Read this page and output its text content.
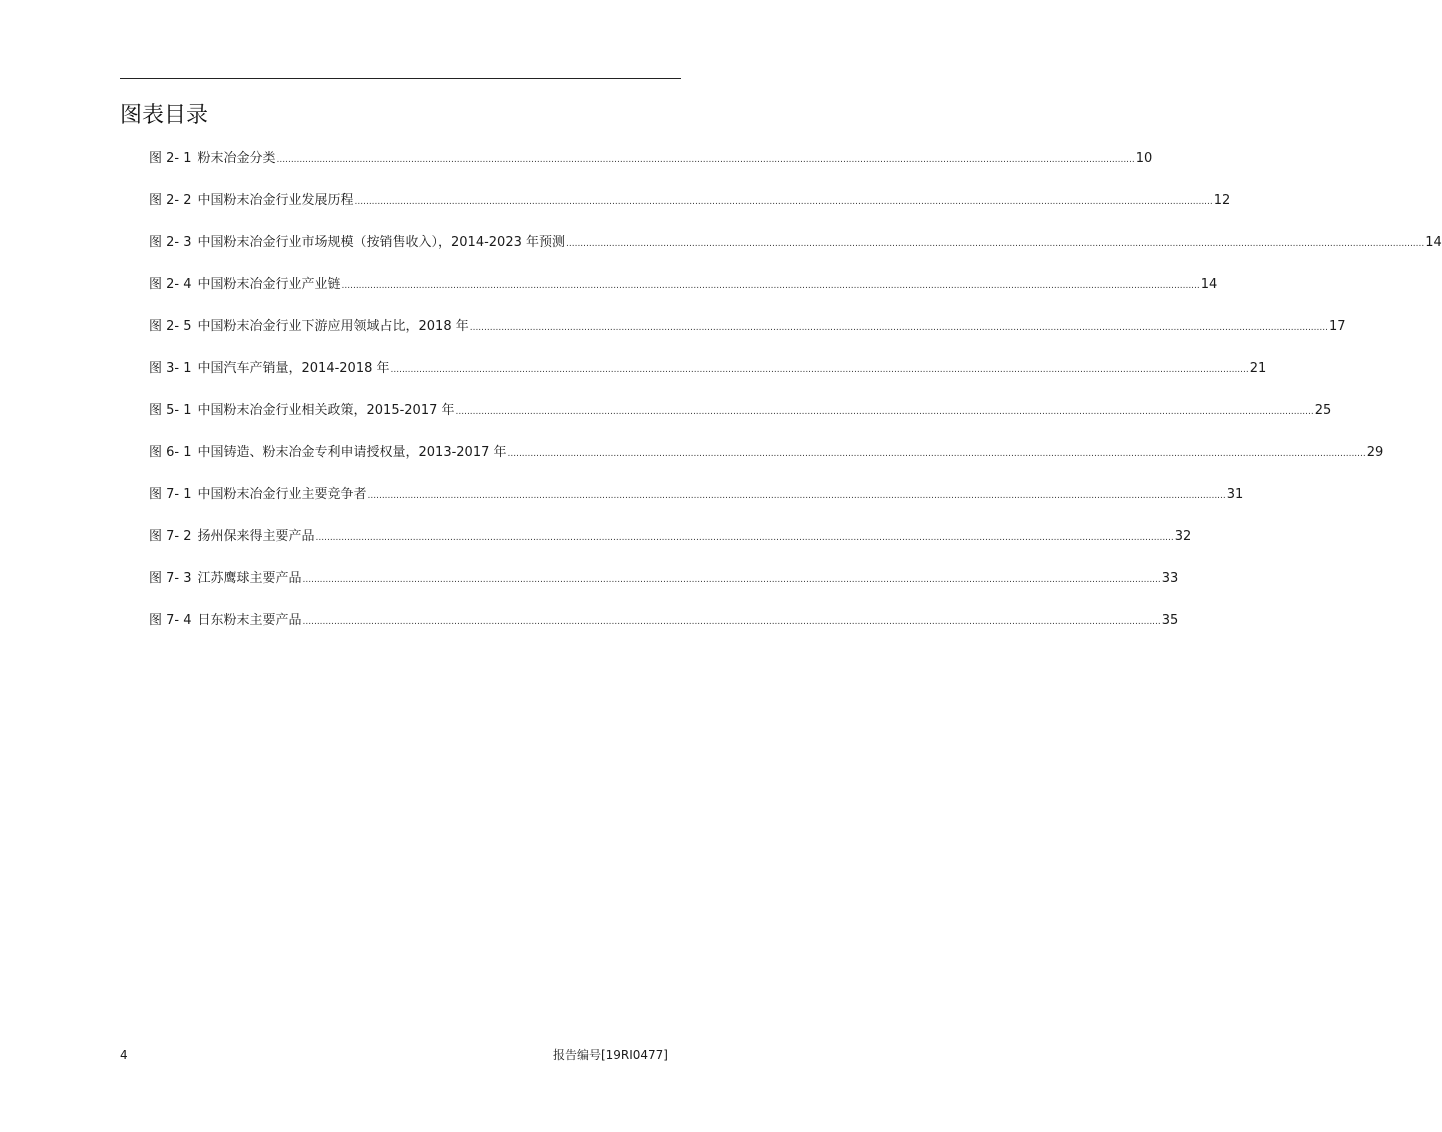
图表目录
图 2- 1 粉末冶金分类 ............................................................................................................................................................................................................................................................................................................ 10
图 2- 2 中国粉末冶金行业发展历程 ............................................................................................................................................................................................................................................................................................................ 12
图 2- 3 中国粉末冶金行业市场规模（按销售收入），2014-2023 年预测 ............................................................................................................................................................................................................................................................................................................ 14
图 2- 4 中国粉末冶金行业产业链 ............................................................................................................................................................................................................................................................................................................ 14
图 2- 5 中国粉末冶金行业下游应用领域占比，2018 年 ............................................................................................................................................................................................................................................................................................................ 17
图 3- 1 中国汽车产销量，2014-2018 年 ............................................................................................................................................................................................................................................................................................................ 21
图 5- 1 中国粉末冶金行业相关政策，2015-2017 年 ............................................................................................................................................................................................................................................................................................................ 25
图 6- 1 中国铸造、粉末冶金专利申请授权量，2013-2017 年 ............................................................................................................................................................................................................................................................................................................ 29
图 7- 1 中国粉末冶金行业主要竞争者 ............................................................................................................................................................................................................................................................................................................ 31
图 7- 2 扬州保来得主要产品 ............................................................................................................................................................................................................................................................................................................ 32
图 7- 3 江苏鹰球主要产品 ............................................................................................................................................................................................................................................................................................................ 33
图 7- 4 日东粉末主要产品 ............................................................................................................................................................................................................................................................................................................ 35
4	报告编号[19RI0477]
